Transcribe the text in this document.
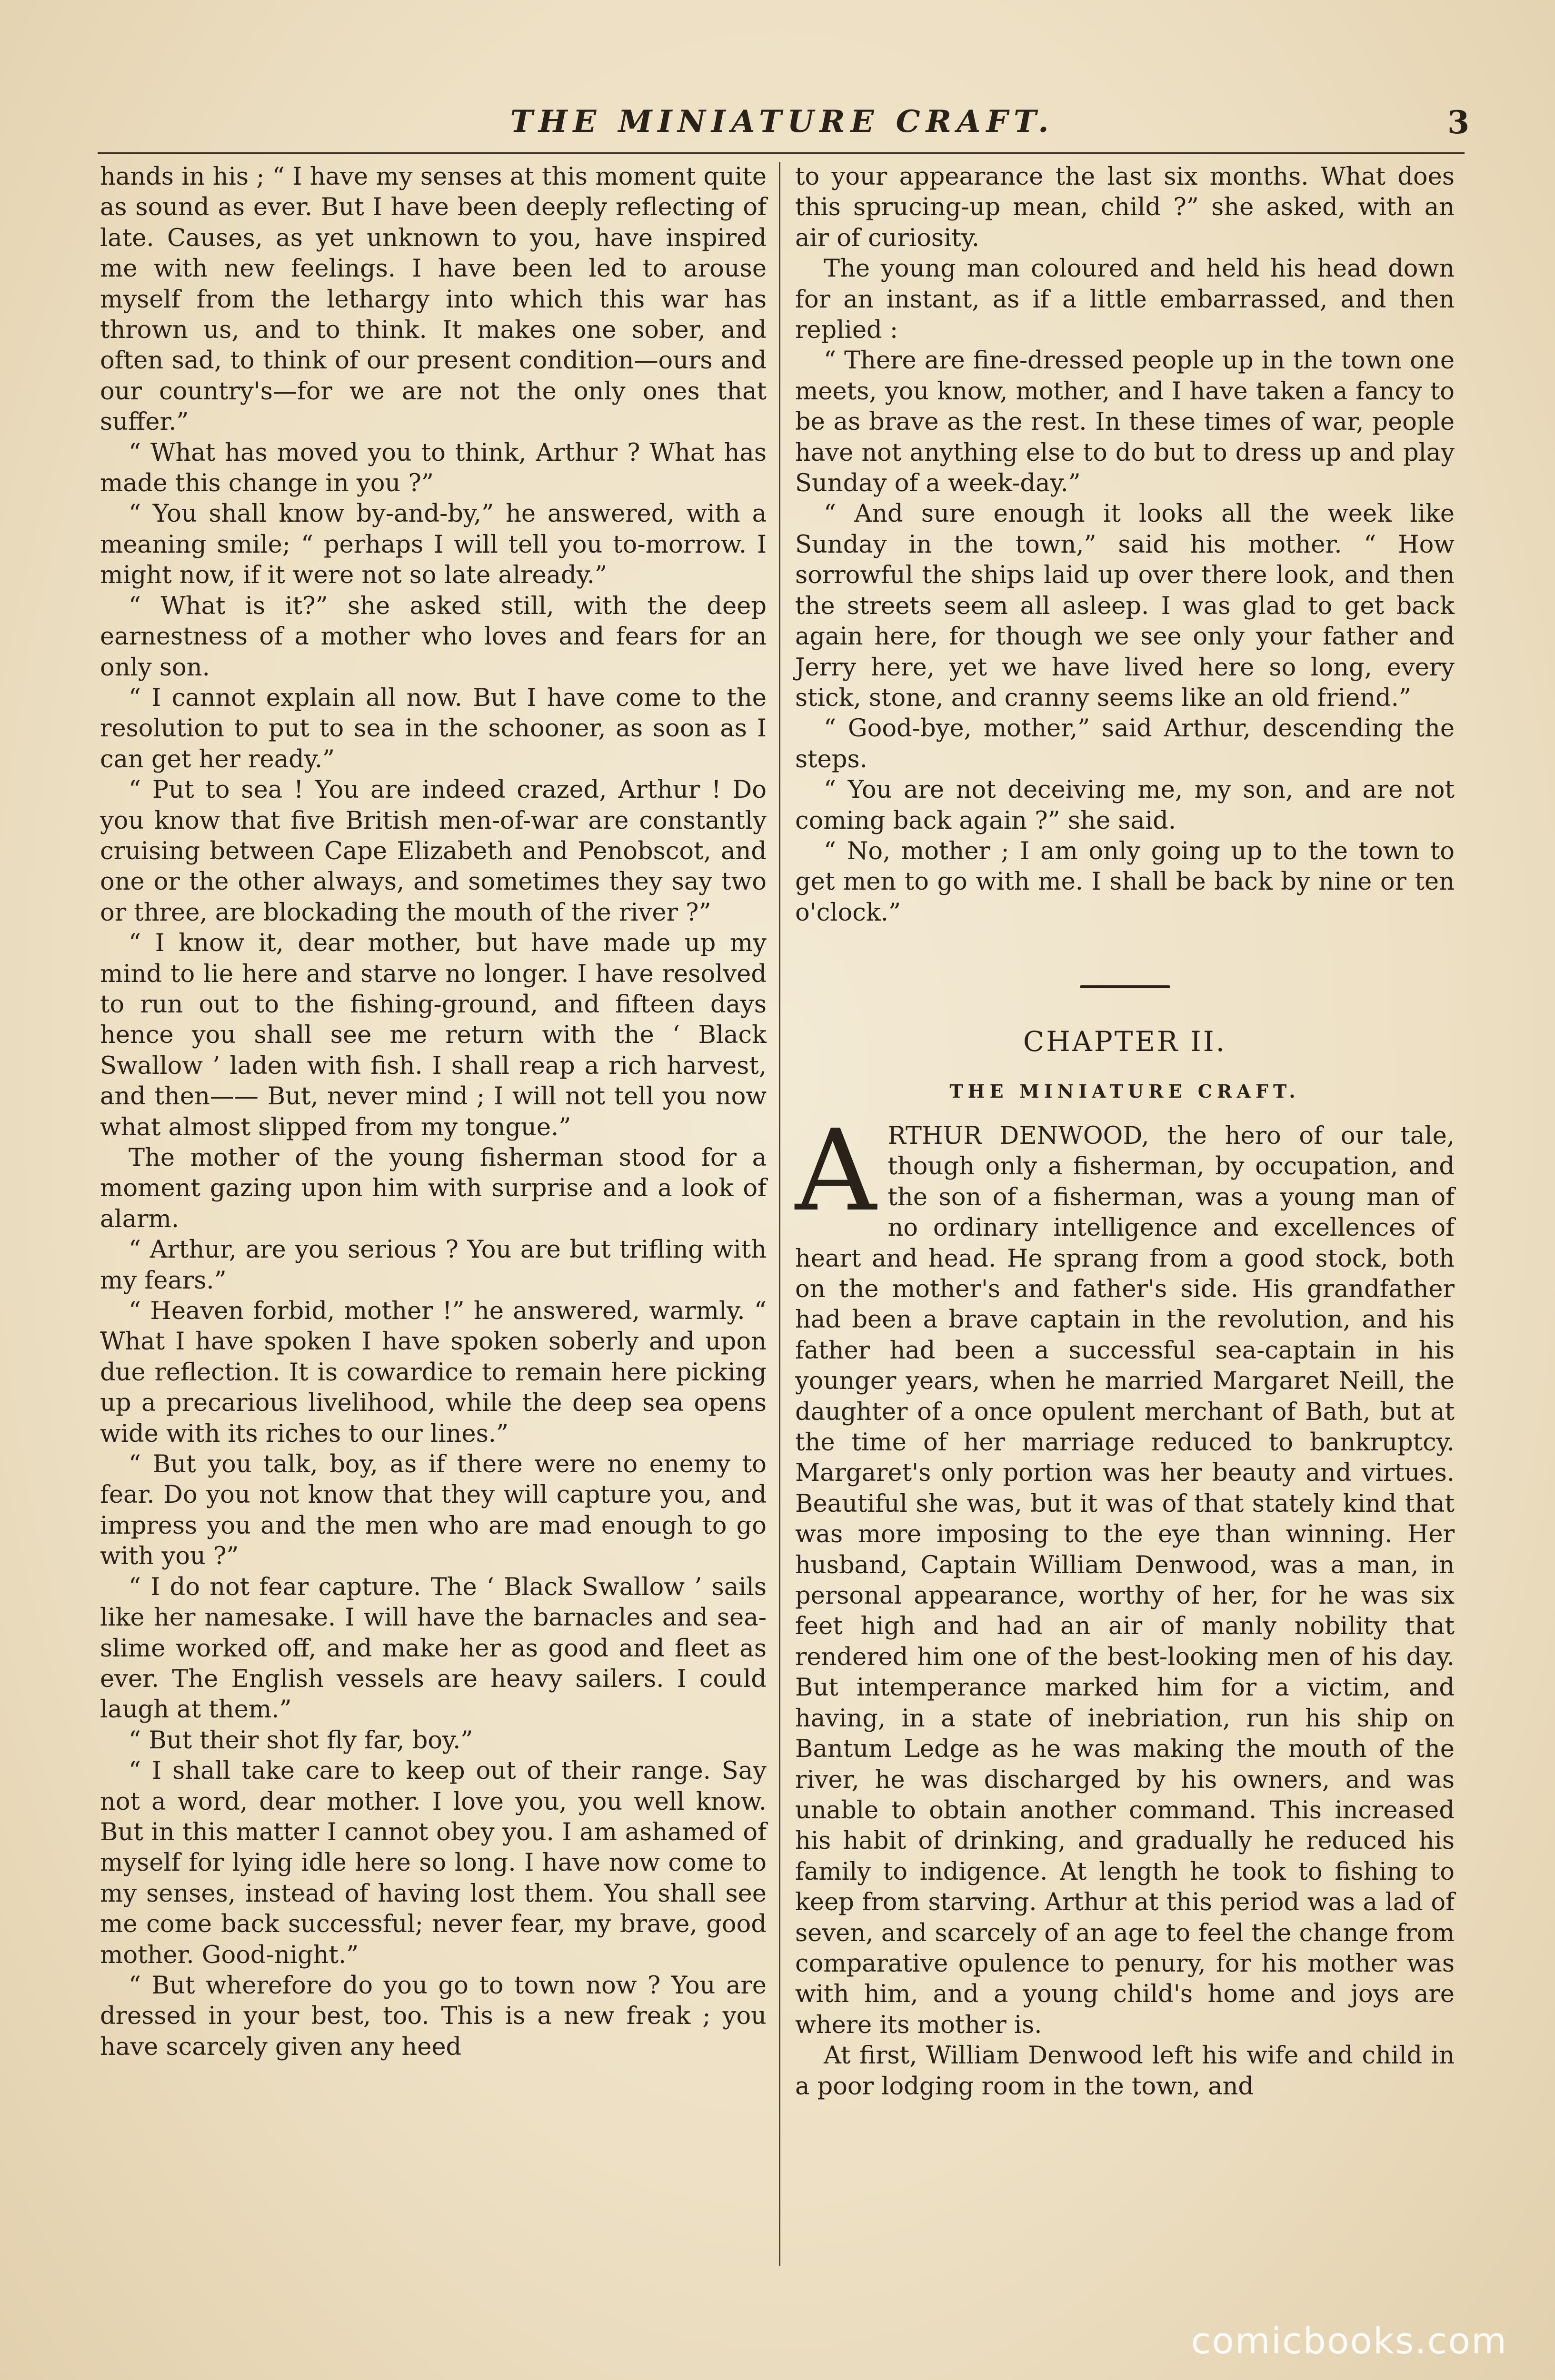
THE MINIATURE CRAFT.	3

hands in his ; “ I have my senses at this moment quite as sound as ever. But I have been deeply reflecting of late. Causes, as yet unknown to you, have inspired me with new feelings. I have been led to arouse myself from the lethargy into which this war has thrown us, and to think. It makes one sober, and often sad, to think of our present condition—ours and our country's—for we are not the only ones that suffer.”

“ What has moved you to think, Arthur ? What has made this change in you ?”

“ You shall know by-and-by,” he answered, with a meaning smile; “ perhaps I will tell you to-morrow. I might now, if it were not so late already.”

“ What is it?” she asked still, with the deep earnestness of a mother who loves and fears for an only son.

“ I cannot explain all now. But I have come to the resolution to put to sea in the schooner, as soon as I can get her ready.”

“ Put to sea ! You are indeed crazed, Arthur ! Do you know that five British men-of-war are constantly cruising between Cape Elizabeth and Penobscot, and one or the other always, and sometimes they say two or three, are blockading the mouth of the river ?”

“ I know it, dear mother, but have made up my mind to lie here and starve no longer. I have resolved to run out to the fishing-ground, and fifteen days hence you shall see me return with the ‘ Black Swallow ’ laden with fish. I shall reap a rich harvest, and then—— But, never mind ; I will not tell you now what almost slipped from my tongue.”

The mother of the young fisherman stood for a moment gazing upon him with surprise and a look of alarm.

“ Arthur, are you serious ? You are but trifling with my fears.”

“ Heaven forbid, mother !” he answered, warmly. “ What I have spoken I have spoken soberly and upon due reflection. It is cowardice to remain here picking up a precarious livelihood, while the deep sea opens wide with its riches to our lines.”

“ But you talk, boy, as if there were no enemy to fear. Do you not know that they will capture you, and impress you and the men who are mad enough to go with you ?”

“ I do not fear capture. The ‘ Black Swallow ’ sails like her namesake. I will have the barnacles and sea-slime worked off, and make her as good and fleet as ever. The English vessels are heavy sailers. I could laugh at them.”

“ But their shot fly far, boy.”

“ I shall take care to keep out of their range. Say not a word, dear mother. I love you, you well know. But in this matter I cannot obey you. I am ashamed of myself for lying idle here so long. I have now come to my senses, instead of having lost them. You shall see me come back successful; never fear, my brave, good mother. Good-night.”

“ But wherefore do you go to town now ? You are dressed in your best, too. This is a new freak ; you have scarcely given any heed

to your appearance the last six months. What does this sprucing-up mean, child ?” she asked, with an air of curiosity.

The young man coloured and held his head down for an instant, as if a little embarrassed, and then replied :

“ There are fine-dressed people up in the town one meets, you know, mother, and I have taken a fancy to be as brave as the rest. In these times of war, people have not anything else to do but to dress up and play Sunday of a week-day.”

“ And sure enough it looks all the week like Sunday in the town,” said his mother. “ How sorrowful the ships laid up over there look, and then the streets seem all asleep. I was glad to get back again here, for though we see only your father and Jerry here, yet we have lived here so long, every stick, stone, and cranny seems like an old friend.”

“ Good-bye, mother,” said Arthur, descending the steps.

“ You are not deceiving me, my son, and are not coming back again ?” she said.

“ No, mother ; I am only going up to the town to get men to go with me. I shall be back by nine or ten o'clock.”

CHAPTER II.
THE MINIATURE CRAFT.

ARTHUR DENWOOD, the hero of our tale, though only a fisherman, by occupation, and the son of a fisherman, was a young man of no ordinary intelligence and excellences of heart and head. He sprang from a good stock, both on the mother's and father's side. His grandfather had been a brave captain in the revolution, and his father had been a successful sea-captain in his younger years, when he married Margaret Neill, the daughter of a once opulent merchant of Bath, but at the time of her marriage reduced to bankruptcy. Margaret's only portion was her beauty and virtues. Beautiful she was, but it was of that stately kind that was more imposing to the eye than winning. Her husband, Captain William Denwood, was a man, in personal appearance, worthy of her, for he was six feet high and had an air of manly nobility that rendered him one of the best-looking men of his day. But intemperance marked him for a victim, and having, in a state of inebriation, run his ship on Bantum Ledge as he was making the mouth of the river, he was discharged by his owners, and was unable to obtain another command. This increased his habit of drinking, and gradually he reduced his family to indigence. At length he took to fishing to keep from starving. Arthur at this period was a lad of seven, and scarcely of an age to feel the change from comparative opulence to penury, for his mother was with him, and a young child's home and joys are where its mother is.

At first, William Denwood left his wife and child in a poor lodging room in the town, and

comicbooks.com
